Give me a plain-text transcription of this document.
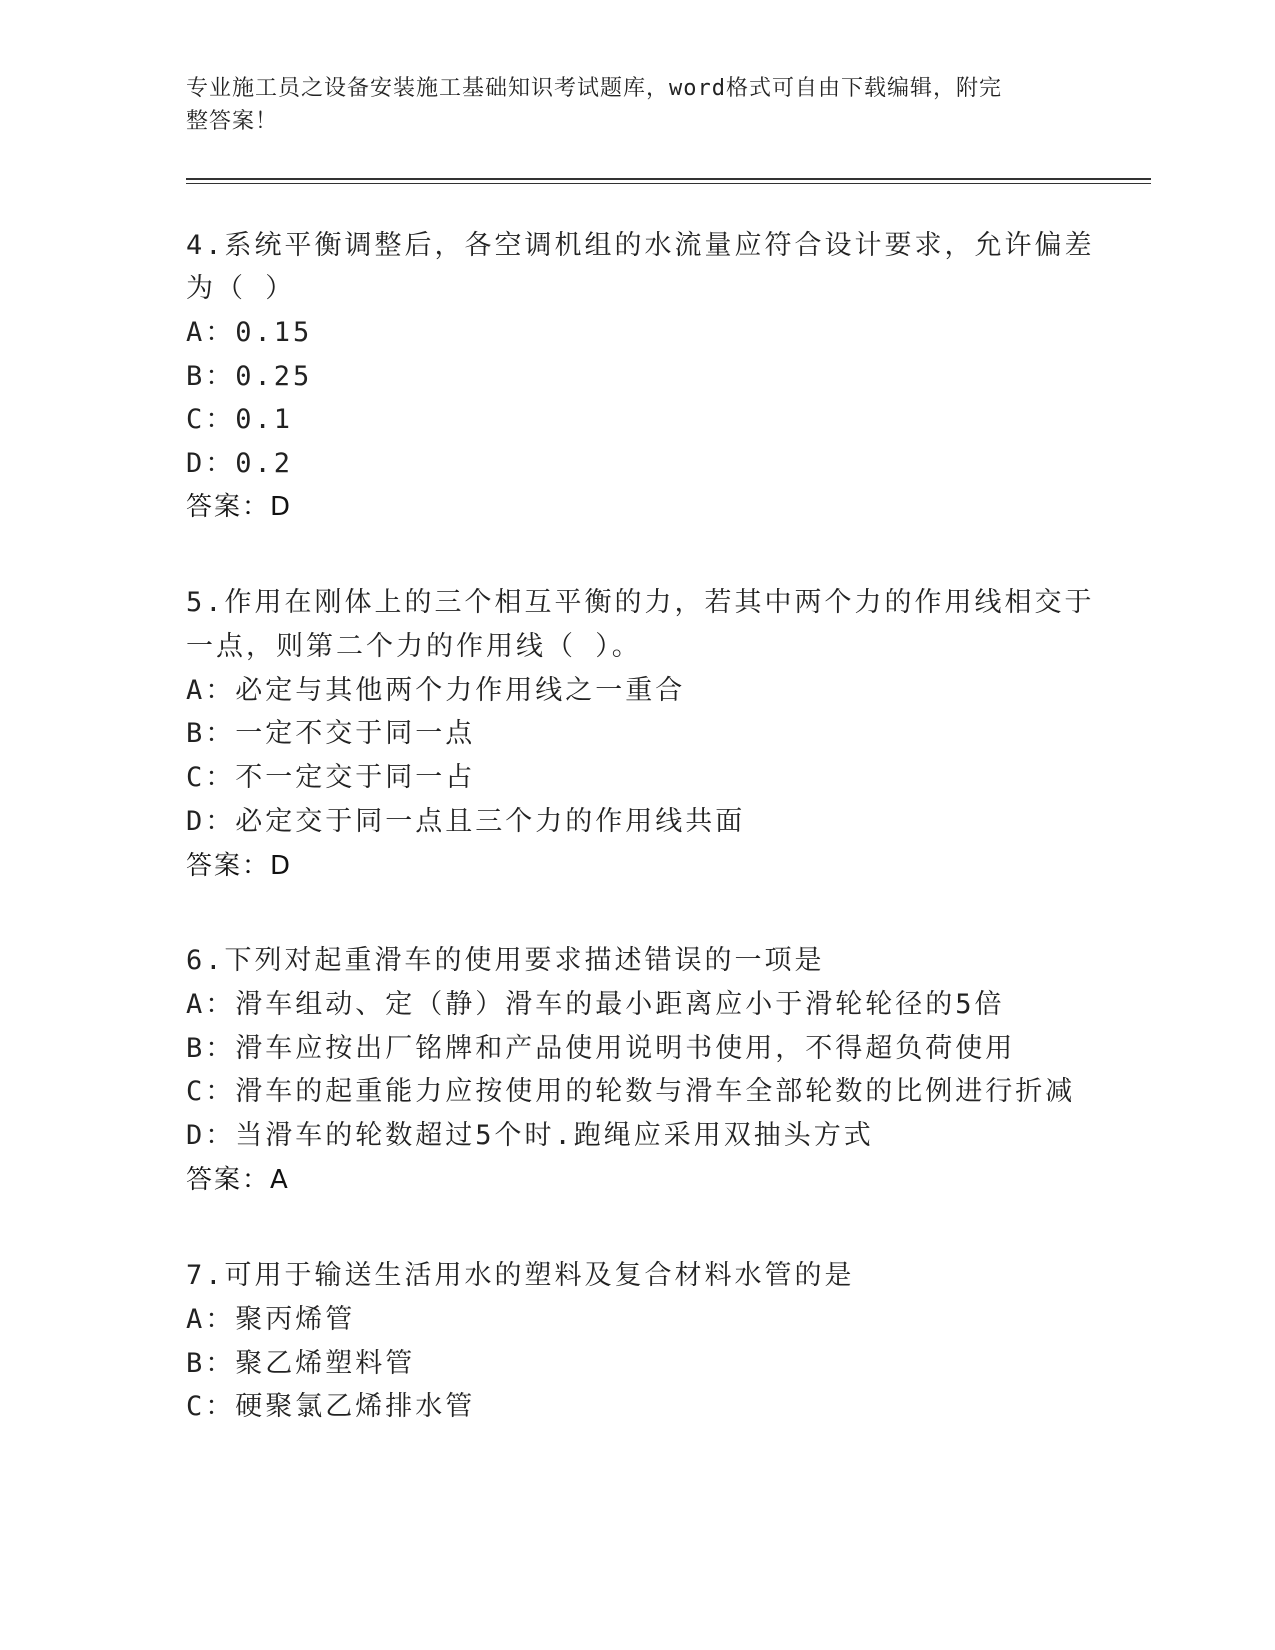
专业施工员之设备安装施工基础知识考试题库，word格式可自由下载编辑，附完
整答案！
4.系统平衡调整后，各空调机组的水流量应符合设计要求，允许偏差
为（ ）
A：0.15
B：0.25
C：0.1
D：0.2
答案：D
5.作用在刚体上的三个相互平衡的力，若其中两个力的作用线相交于
一点，则第二个力的作用线（ ）。
A：必定与其他两个力作用线之一重合
B：一定不交于同一点
C：不一定交于同一占
D：必定交于同一点且三个力的作用线共面
答案：D
6.下列对起重滑车的使用要求描述错误的一项是
A：滑车组动、定（静）滑车的最小距离应小于滑轮轮径的5倍
B：滑车应按出厂铭牌和产品使用说明书使用，不得超负荷使用
C：滑车的起重能力应按使用的轮数与滑车全部轮数的比例进行折减
D：当滑车的轮数超过5个时.跑绳应采用双抽头方式
答案：A
7.可用于输送生活用水的塑料及复合材料水管的是
A：聚丙烯管
B：聚乙烯塑料管
C：硬聚氯乙烯排水管
